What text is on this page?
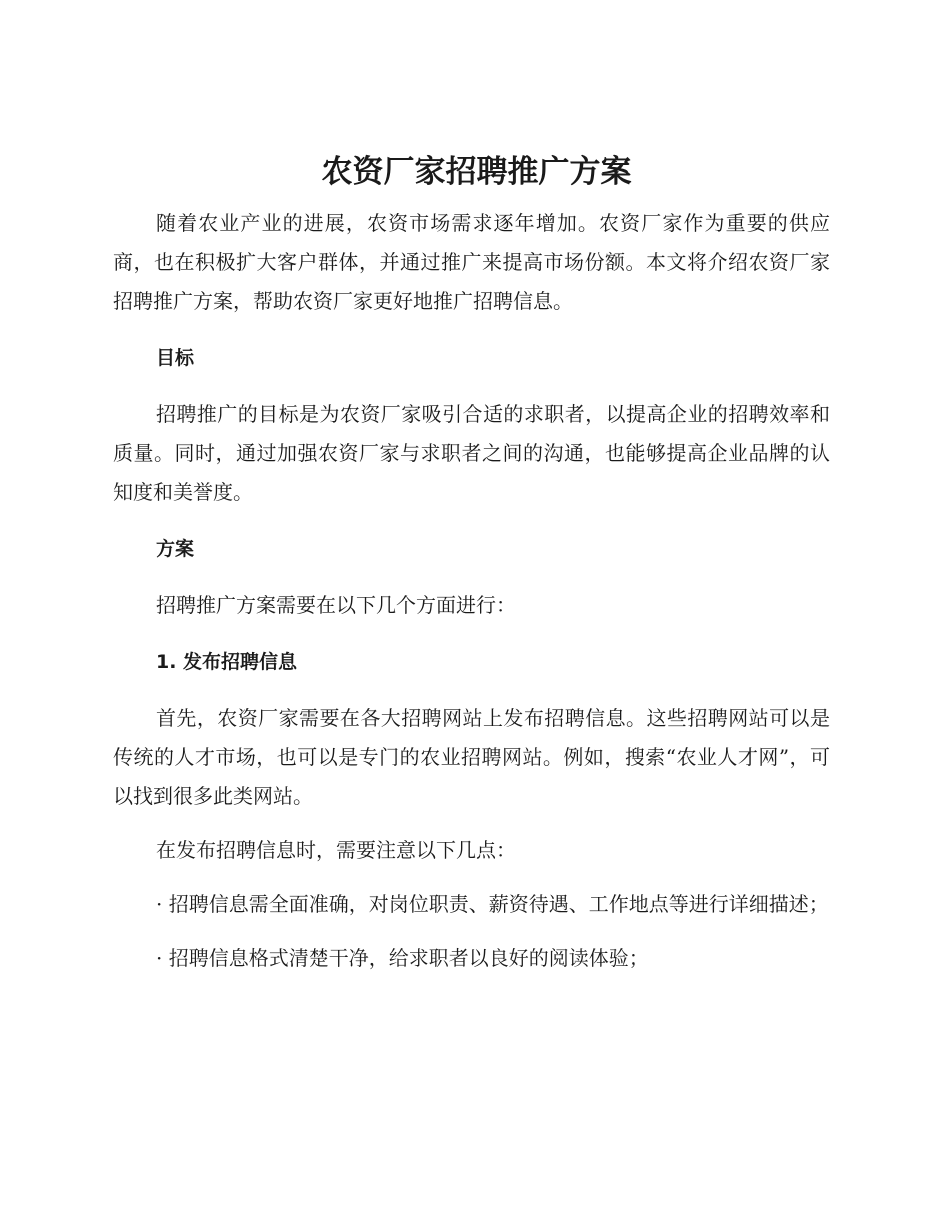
农资厂家招聘推广方案

随着农业产业的进展，农资市场需求逐年增加。农资厂家作为重要的供应商，也在积极扩大客户群体，并通过推广来提高市场份额。本文将介绍农资厂家招聘推广方案，帮助农资厂家更好地推广招聘信息。

目标

招聘推广的目标是为农资厂家吸引合适的求职者，以提高企业的招聘效率和质量。同时，通过加强农资厂家与求职者之间的沟通，也能够提高企业品牌的认知度和美誉度。

方案

招聘推广方案需要在以下几个方面进行：

1. 发布招聘信息

首先，农资厂家需要在各大招聘网站上发布招聘信息。这些招聘网站可以是传统的人才市场，也可以是专门的农业招聘网站。例如，搜索“农业人才网”，可以找到很多此类网站。

在发布招聘信息时，需要注意以下几点：

· 招聘信息需全面准确，对岗位职责、薪资待遇、工作地点等进行详细描述；

· 招聘信息格式清楚干净，给求职者以良好的阅读体验；
